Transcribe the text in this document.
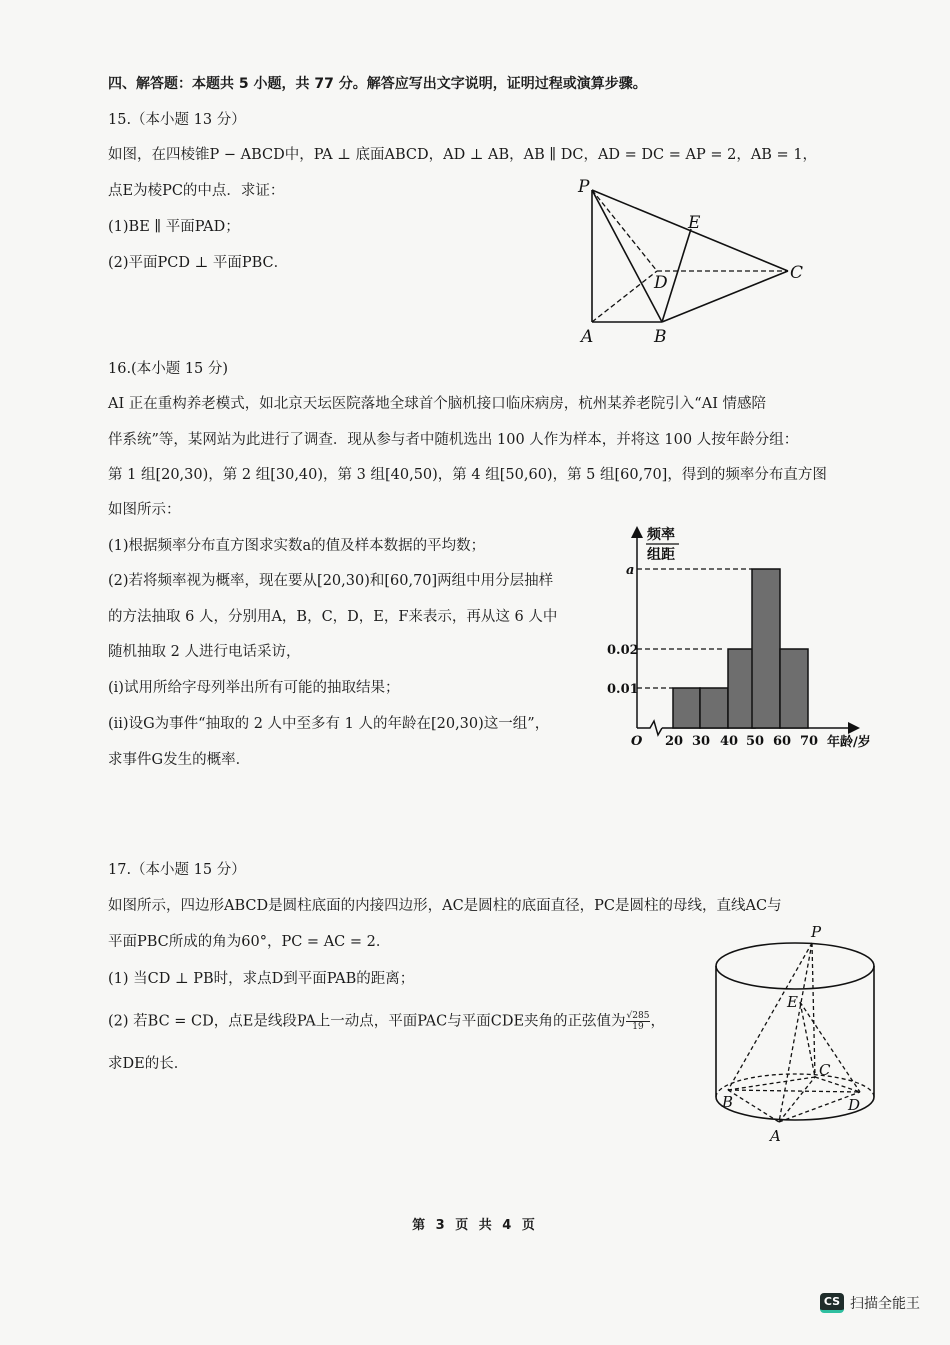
四、解答题：本题共 5 小题，共 77 分。解答应写出文字说明，证明过程或演算步骤。
15.（本小题 13 分）
如图，在四棱锥P − ABCD中，PA ⊥ 底面ABCD，AD ⊥ AB，AB ∥ DC，AD = DC = AP = 2，AB = 1，
点E为棱PC的中点．求证：
(1)BE ∥ 平面PAD；
(2)平面PCD ⊥ 平面PBC．
P
A	B
C
D
E
16.(本小题 15 分)
AI 正在重构养老模式，如北京天坛医院落地全球首个脑机接口临床病房，杭州某养老院引入“AI 情感陪
伴系统”等，某网站为此进行了调查．现从参与者中随机选出 100 人作为样本，并将这 100 人按年龄分组：
第 1 组[20,30)，第 2 组[30,40)，第 3 组[40,50)，第 4 组[50,60)，第 5 组[60,70]，得到的频率分布直方图
如图所示：
(1)根据频率分布直方图求实数a的值及样本数据的平均数；
(2)若将频率视为概率，现在要从[20,30)和[60,70]两组中用分层抽样
的方法抽取 6 人，分别用A，B，C，D，E，F来表示，再从这 6 人中
随机抽取 2 人进行电话采访，
(i)试用所给字母列举出所有可能的抽取结果；
(ii)设G为事件“抽取的 2 人中至多有 1 人的年龄在[20,30)这一组”，
求事件G发生的概率．
频率
组距
a
0.02
0.01
O 20 30 40 50 60 70 年龄/岁
17.（本小题 15 分）
如图所示，四边形ABCD是圆柱底面的内接四边形，AC是圆柱的底面直径，PC是圆柱的母线，直线AC与
平面PBC所成的角为60°，PC = AC = 2．
(1) 当CD ⊥ PB时，求点D到平面PAB的距离；
(2) 若BC = CD，点E是线段PA上一动点，平面PAC与平面CDE夹角的正弦值为 $\frac{√285}{19}$ ，
求DE的长．
P
E
C
B	D
A
第 3 页 共 4 页
CS 扫描全能王
